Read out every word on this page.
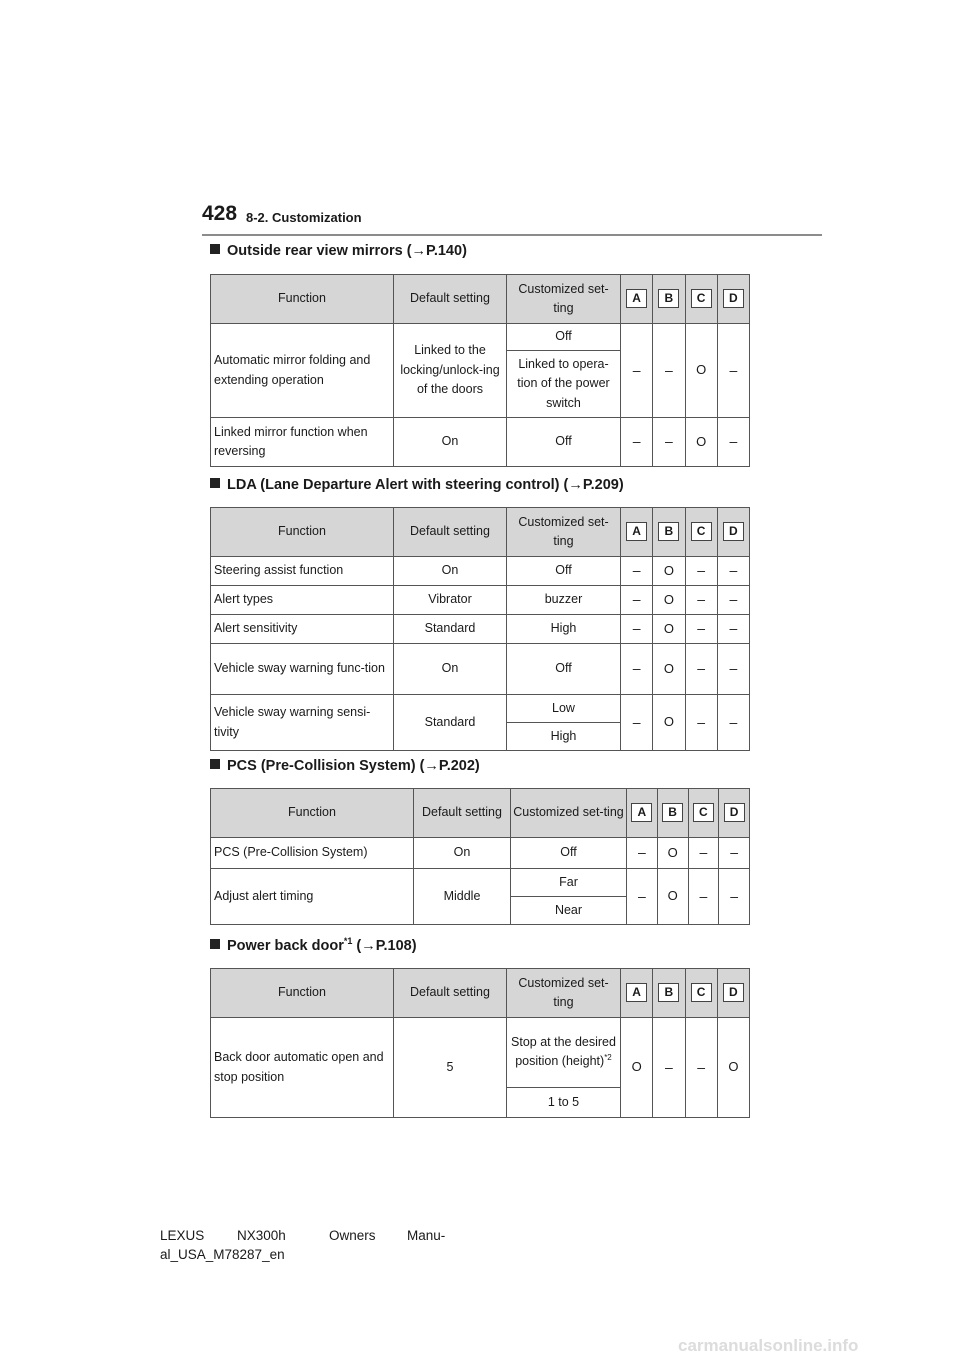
428 8-2. Customization
Outside rear view mirrors (→P.140)
Function	Default setting	Customized set-ting	A	B	C	D
Automatic mirror folding and extending operation	Linked to the locking/unlock-ing of the doors	Off	–	–	O	–
		Linked to opera-tion of the power switch				
Linked mirror function when reversing	On	Off	–	–	O	–
LDA (Lane Departure Alert with steering control) (→P.209)
Function	Default setting	Customized set-ting	A	B	C	D
Steering assist function	On	Off	–	O	–	–
Alert types	Vibrator	buzzer	–	O	–	–
Alert sensitivity	Standard	High	–	O	–	–
Vehicle sway warning func-tion	On	Off	–	O	–	–
Vehicle sway warning sensi-tivity	Standard	Low	–	O	–	–
		High				
PCS (Pre-Collision System) (→P.202)
Function	Default setting	Customized set-ting	A	B	C	D
PCS (Pre-Collision System)	On	Off	–	O	–	–
Adjust alert timing	Middle	Far	–	O	–	–
		Near				
Power back door$^{*1}$ (→P.108)
Function	Default setting	Customized set-ting	A	B	C	D
Back door automatic open and stop position	5	Stop at the desired position (height)$^{*2}$	O	–	–	O
		1 to 5				
LEXUS NX300h	Owners Manu-
al_USA_M78287_en
carmanualsonline.info
